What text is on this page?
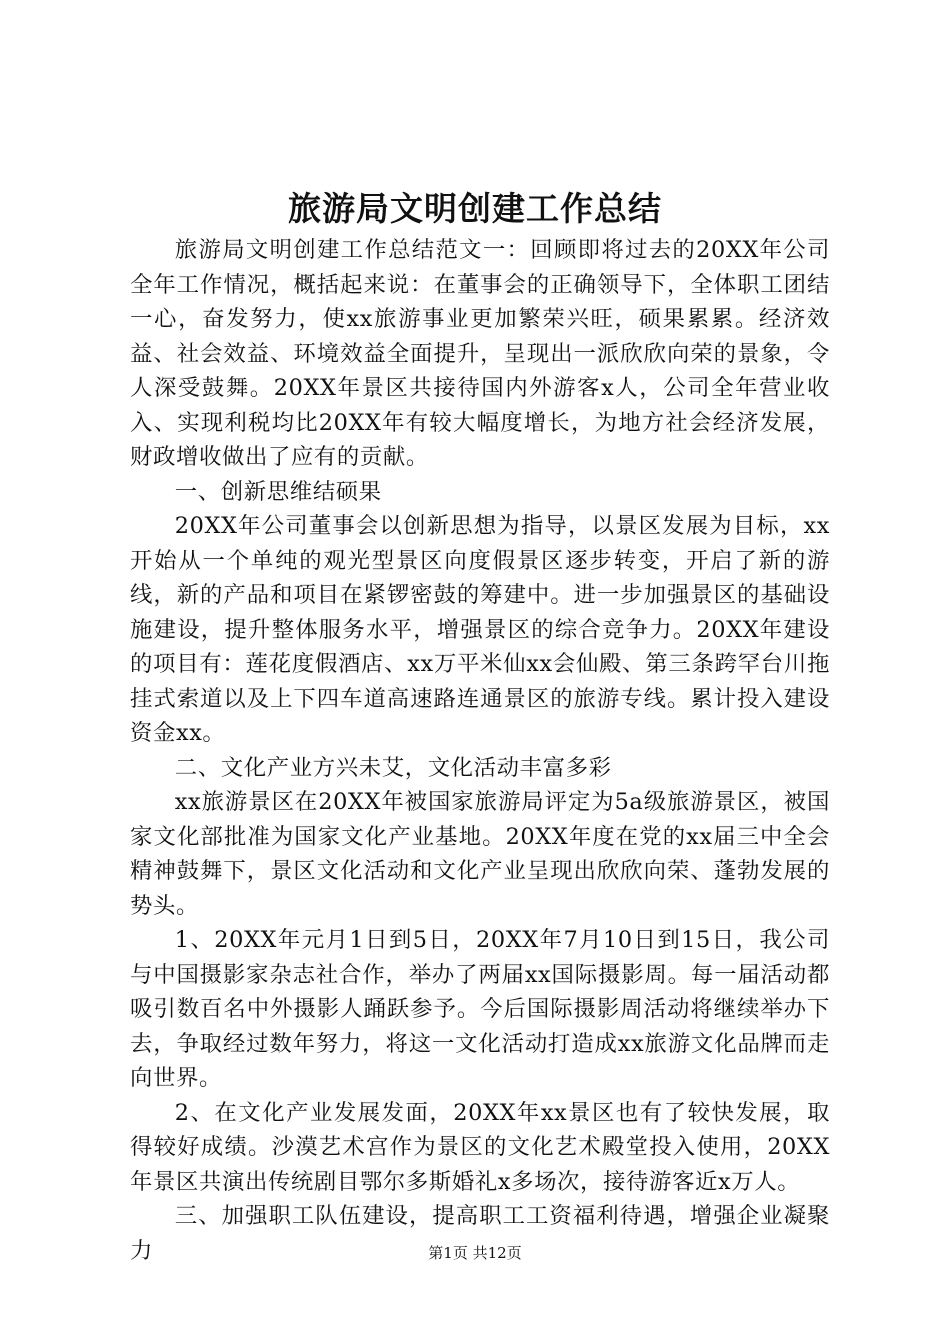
旅游局文明创建工作总结

旅游局文明创建工作总结范文一：回顾即将过去的20XX年公司全年工作情况，概括起来说：在董事会的正确领导下，全体职工团结一心，奋发努力，使xx旅游事业更加繁荣兴旺，硕果累累。经济效益、社会效益、环境效益全面提升，呈现出一派欣欣向荣的景象，令人深受鼓舞。20XX年景区共接待国内外游客x人，公司全年营业收入、实现利税均比20XX年有较大幅度增长，为地方社会经济发展，财政增收做出了应有的贡献。

一、创新思维结硕果

20XX年公司董事会以创新思想为指导，以景区发展为目标，xx开始从一个单纯的观光型景区向度假景区逐步转变，开启了新的游线，新的产品和项目在紧锣密鼓的筹建中。进一步加强景区的基础设施建设，提升整体服务水平，增强景区的综合竞争力。20XX年建设的项目有：莲花度假酒店、xx万平米仙xx会仙殿、第三条跨罕台川拖挂式索道以及上下四车道高速路连通景区的旅游专线。累计投入建设资金xx。

二、文化产业方兴未艾，文化活动丰富多彩

xx旅游景区在20XX年被国家旅游局评定为5a级旅游景区，被国家文化部批准为国家文化产业基地。20XX年度在党的xx届三中全会精神鼓舞下，景区文化活动和文化产业呈现出欣欣向荣、蓬勃发展的势头。

1、20XX年元月1日到5日，20XX年7月10日到15日，我公司与中国摄影家杂志社合作，举办了两届xx国际摄影周。每一届活动都吸引数百名中外摄影人踊跃参予。今后国际摄影周活动将继续举办下去，争取经过数年努力，将这一文化活动打造成xx旅游文化品牌而走向世界。

2、在文化产业发展发面，20XX年xx景区也有了较快发展，取得较好成绩。沙漠艺术宫作为景区的文化艺术殿堂投入使用，20XX年景区共演出传统剧目鄂尔多斯婚礼x多场次，接待游客近x万人。

三、加强职工队伍建设，提高职工工资福利待遇，增强企业凝聚力	第1页 共12页
